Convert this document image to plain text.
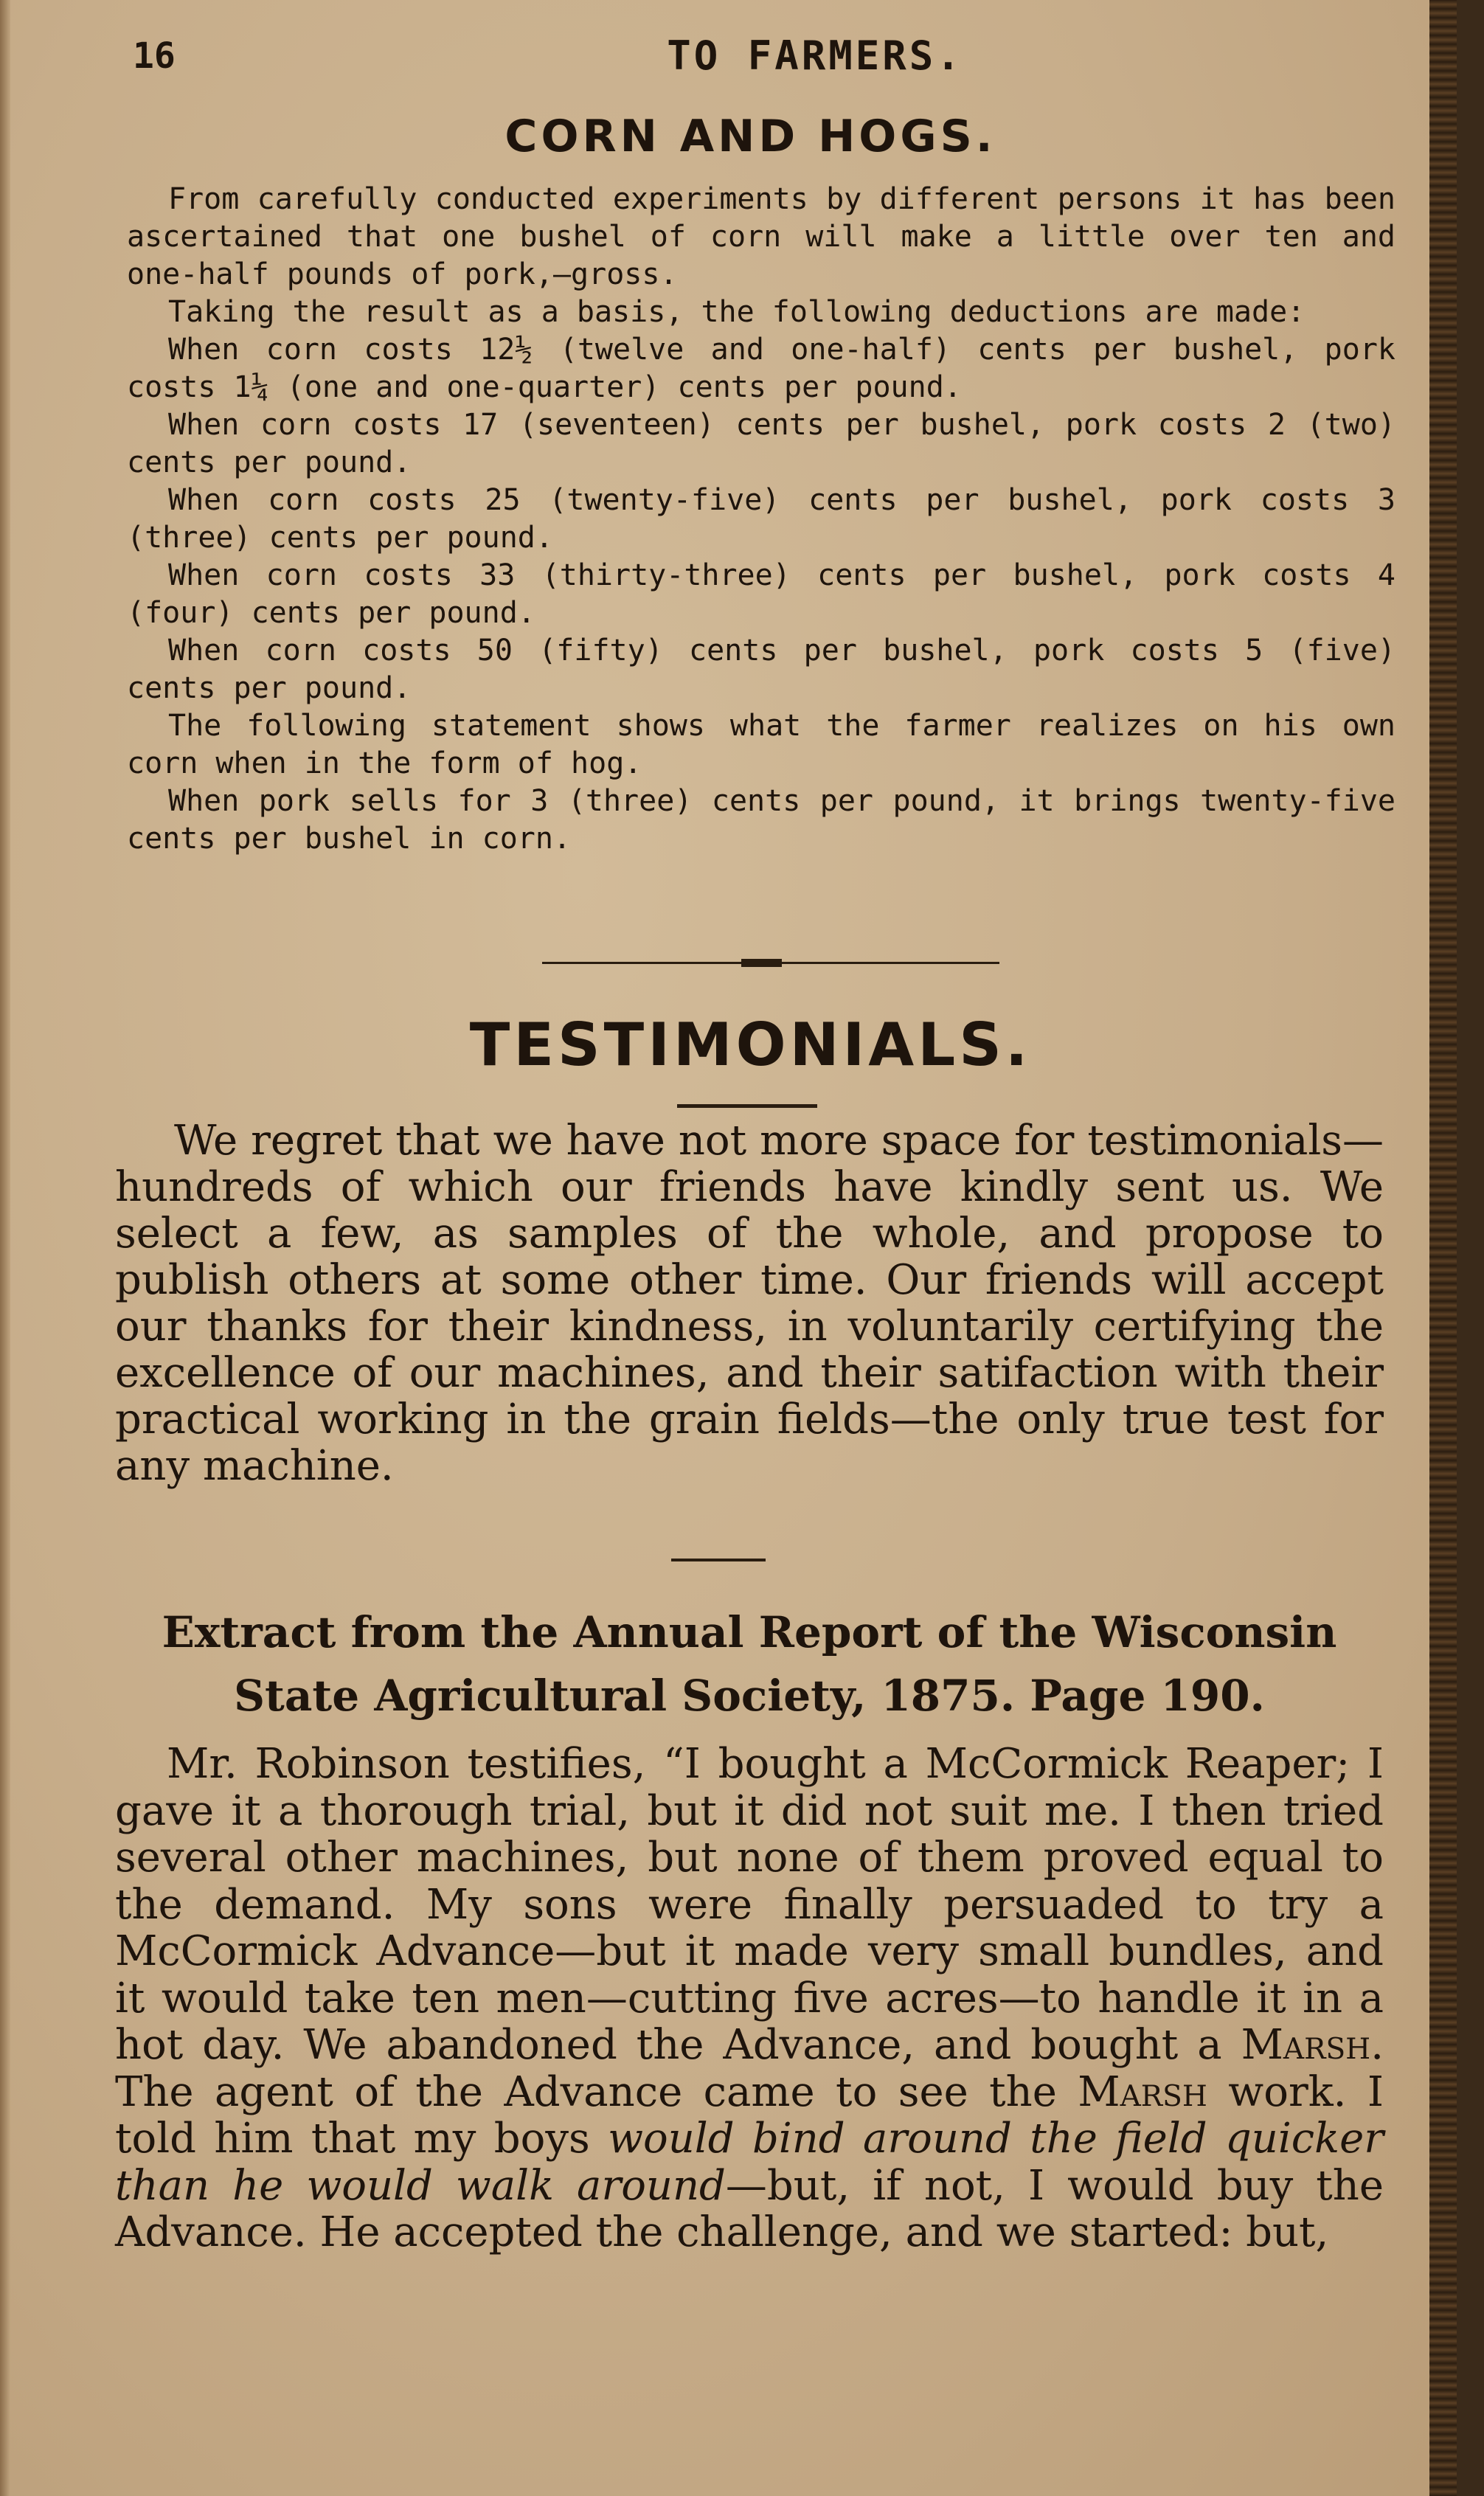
16	TO FARMERS.
CORN AND HOGS.

From carefully conducted experiments by different persons it has been ascertained that one bushel of corn will make a little over ten and one-half pounds of pork,—gross.

Taking the result as a basis, the following deductions are made:

When corn costs 12½ (twelve and one-half) cents per bushel, pork costs 1¼ (one and one-quarter) cents per pound.

When corn costs 17 (seventeen) cents per bushel, pork costs 2 (two) cents per pound.

When corn costs 25 (twenty-five) cents per bushel, pork costs 3 (three) cents per pound.

When corn costs 33 (thirty-three) cents per bushel, pork costs 4 (four) cents per pound.

When corn costs 50 (fifty) cents per bushel, pork costs 5 (five) cents per pound.

The following statement shows what the farmer realizes on his own corn when in the form of hog.

When pork sells for 3 (three) cents per pound, it brings twenty-five cents per bushel in corn.

TESTIMONIALS.

We regret that we have not more space for testimonials—hundreds of which our friends have kindly sent us. We select a few, as samples of the whole, and propose to publish others at some other time. Our friends will accept our thanks for their kindness, in voluntarily certifying the excellence of our machines, and their satifaction with their practical working in the grain fields—the only true test for any machine.

Extract from the Annual Report of the Wisconsin
State Agricultural Society, 1875. Page 190.

Mr. Robinson testifies, “I bought a McCormick Reaper; I gave it a thorough trial, but it did not suit me. I then tried several other machines, but none of them proved equal to the demand. My sons were finally persuaded to try a McCormick Advance—but it made very small bundles, and it would take ten men—cutting five acres—to handle it in a hot day. We abandoned the Advance, and bought a Marsh. The agent of the Advance came to see the Marsh work. I told him that my boys would bind around the field quicker than he would walk around—but, if not, I would buy the Advance. He accepted the challenge, and we started: but,
